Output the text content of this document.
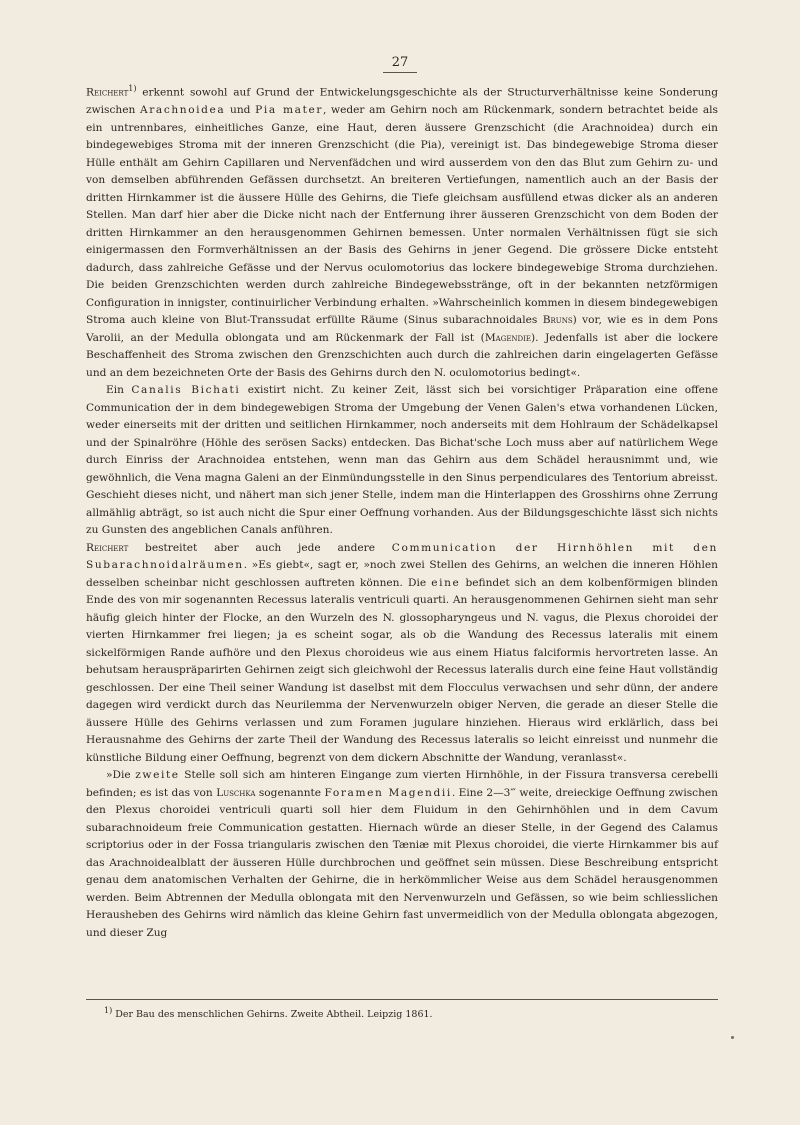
27

Reichert$^{1)}$ erkennt sowohl auf Grund der Entwickelungsgeschichte als der Structurverhältnisse keine Sonderung zwischen Arachnoidea und Pia mater, weder am Gehirn noch am Rückenmark, sondern betrachtet beide als ein untrennbares, einheitliches Ganze, eine Haut, deren äussere Grenzschicht (die Arachnoidea) durch ein bindegewebiges Stroma mit der inneren Grenzschicht (die Pia), vereinigt ist. Das bindegewebige Stroma dieser Hülle enthält am Gehirn Capillaren und Nervenfädchen und wird ausserdem von den das Blut zum Gehirn zu- und von demselben abführenden Gefässen durchsetzt. An breiteren Vertiefungen, namentlich auch an der Basis der dritten Hirnkammer ist die äussere Hülle des Gehirns, die Tiefe gleichsam ausfüllend etwas dicker als an anderen Stellen. Man darf hier aber die Dicke nicht nach der Entfernung ihrer äusseren Grenzschicht von dem Boden der dritten Hirnkammer an den herausgenommen Gehirnen bemessen. Unter normalen Verhältnissen fügt sie sich einigermassen den Formverhältnissen an der Basis des Gehirns in jener Gegend. Die grössere Dicke entsteht dadurch, dass zahlreiche Gefässe und der Nervus oculomotorius das lockere bindegewebige Stroma durchziehen. Die beiden Grenzschichten werden durch zahlreiche Bindegewebsstränge, oft in der bekannten netzförmigen Configuration in innigster, continuirlicher Verbindung erhalten. »Wahrscheinlich kommen in diesem bindegewebigen Stroma auch kleine von Blut-Transsudat erfüllte Räume (Sinus subarachnoidales Bruns) vor, wie es in dem Pons Varolii, an der Medulla oblongata und am Rückenmark der Fall ist (Magendie). Jedenfalls ist aber die lockere Beschaffenheit des Stroma zwischen den Grenzschichten auch durch die zahlreichen darin eingelagerten Gefässe und an dem bezeichneten Orte der Basis des Gehirns durch den N. oculomotorius bedingt«.

Ein Canalis Bichati existirt nicht. Zu keiner Zeit, lässt sich bei vorsichtiger Präparation eine offene Communication der in dem bindegewebigen Stroma der Umgebung der Venen Galen's etwa vorhandenen Lücken, weder einerseits mit der dritten und seitlichen Hirnkammer, noch anderseits mit dem Hohlraum der Schädelkapsel und der Spinalröhre (Höhle des serösen Sacks) entdecken. Das Bichat'sche Loch muss aber auf natürlichem Wege durch Einriss der Arachnoidea entstehen, wenn man das Gehirn aus dem Schädel herausnimmt und, wie gewöhnlich, die Vena magna Galeni an der Einmündungsstelle in den Sinus perpendiculares des Tentorium abreisst. Geschieht dieses nicht, und nähert man sich jener Stelle, indem man die Hinterlappen des Grosshirns ohne Zerrung allmählig abträgt, so ist auch nicht die Spur einer Oeffnung vorhanden. Aus der Bildungsgeschichte lässt sich nichts zu Gunsten des angeblichen Canals anführen.

Reichert bestreitet aber auch jede andere Communication der Hirnhöhlen mit den Subarachnoidalräumen. »Es giebt«, sagt er, »noch zwei Stellen des Gehirns, an welchen die inneren Höhlen desselben scheinbar nicht geschlossen auftreten können. Die eine befindet sich an dem kolbenförmigen blinden Ende des von mir sogenannten Recessus lateralis ventriculi quarti. An herausgenommenen Gehirnen sieht man sehr häufig gleich hinter der Flocke, an den Wurzeln des N. glossopharyngeus und N. vagus, die Plexus choroidei der vierten Hirnkammer frei liegen; ja es scheint sogar, als ob die Wandung des Recessus lateralis mit einem sickelförmigen Rande aufhöre und den Plexus choroideus wie aus einem Hiatus falciformis hervortreten lasse. An behutsam herauspräparirten Gehirnen zeigt sich gleichwohl der Recessus lateralis durch eine feine Haut vollständig geschlossen. Der eine Theil seiner Wandung ist daselbst mit dem Flocculus verwachsen und sehr dünn, der andere dagegen wird verdickt durch das Neurilemma der Nervenwurzeln obiger Nerven, die gerade an dieser Stelle die äussere Hülle des Gehirns verlassen und zum Foramen jugulare hinziehen. Hieraus wird erklärlich, dass bei Herausnahme des Gehirns der zarte Theil der Wandung des Recessus lateralis so leicht einreisst und nunmehr die künstliche Bildung einer Oeffnung, begrenzt von dem dickern Abschnitte der Wandung, veranlasst«.

»Die zweite Stelle soll sich am hinteren Eingange zum vierten Hirnhöhle, in der Fissura transversa cerebelli befinden; es ist das von Luschka sogenannte Foramen Magendii. Eine 2—3‴ weite, dreieckige Oeffnung zwischen den Plexus choroidei ventriculi quarti soll hier dem Fluidum in den Gehirnhöhlen und in dem Cavum subarachnoideum freie Communication gestatten. Hiernach würde an dieser Stelle, in der Gegend des Calamus scriptorius oder in der Fossa triangularis zwischen den Tæniæ mit Plexus choroidei, die vierte Hirnkammer bis auf das Arachnoidealblatt der äusseren Hülle durchbrochen und geöffnet sein müssen. Diese Beschreibung entspricht genau dem anatomischen Verhalten der Gehirne, die in herkömmlicher Weise aus dem Schädel herausgenommen werden. Beim Abtrennen der Medulla oblongata mit den Nervenwurzeln und Gefässen, so wie beim schliesslichen Herausheben des Gehirns wird nämlich das kleine Gehirn fast unvermeidlich von der Medulla oblongata abgezogen, und dieser Zug

$^{1)}$ Der Bau des menschlichen Gehirns. Zweite Abtheil. Leipzig 1861.
